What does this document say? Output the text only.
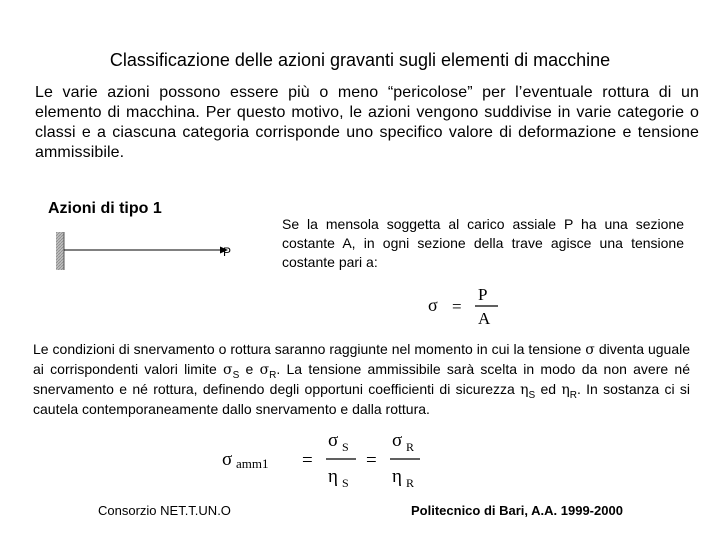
Classificazione delle azioni gravanti sugli elementi di macchine
Le varie azioni possono essere più o meno “pericolose” per l’eventuale rottura di un elemento di macchina. Per questo motivo, le azioni vengono suddivise in varie categorie o classi e a ciascuna categoria corrisponde uno specifico valore di deformazione e tensione ammissibile.
Azioni di tipo 1
P
Se la mensola soggetta al carico assiale P ha una sezione costante A, in ogni sezione della trave agisce una tensione costante pari a:
σ =
P
A
Le condizioni di snervamento o rottura saranno raggiunte nel momento in cui la tensione σ diventa uguale ai corrispondenti valori limite $\sigma_S$ e $\sigma_R$. La tensione ammissibile sarà scelta in modo da non avere né snervamento e né rottura, definendo degli opportuni coefficienti di sicurezza $\eta_S$ ed $\eta_R$. In sostanza ci si cautela contemporaneamente dallo snervamento e dalla rottura.
σ amm1 =
σ S
η S
=
σ R
η R
Consorzio NET.T.UN.O	Politecnico di Bari, A.A. 1999-2000
